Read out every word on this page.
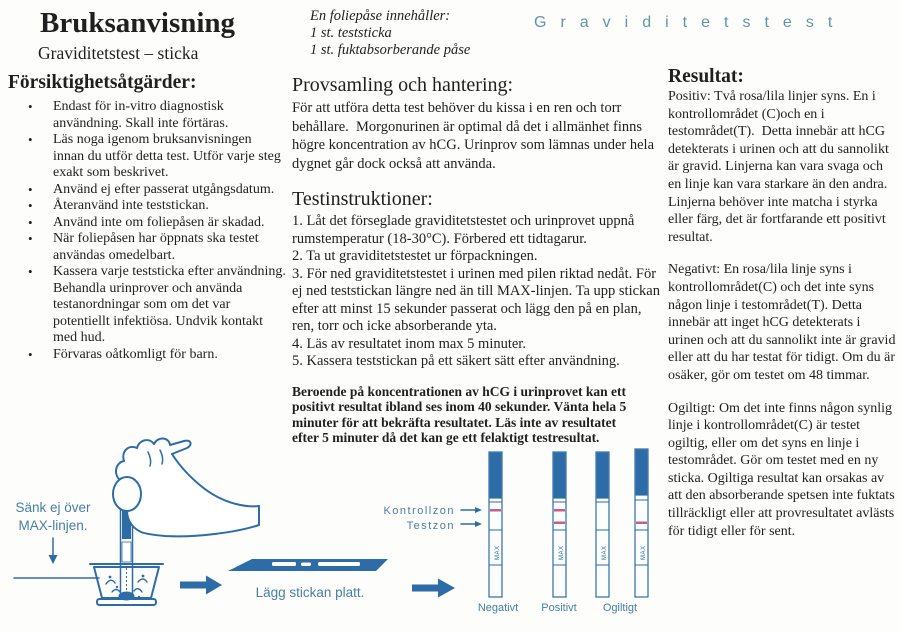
Graviditetstest
Bruksanvisning
Graviditetstest – sticka
Försiktighetsåtgärder:
•	Endast för in-vitro diagnostisk användning. Skall inte förtäras.
•	Läs noga igenom bruksanvisningen innan du utför detta test. Utför varje steg exakt som beskrivet.
•	Använd ej efter passerat utgångsdatum.
•	Återanvänd inte teststickan.
•	Använd inte om foliepåsen är skadad.
•	När foliepåsen har öppnats ska testet användas omedelbart.
•	Kassera varje teststicka efter användning. Behandla urinprover och använda testanordningar som om det var potentiellt infektiösa. Undvik kontakt med hud.
•	Förvaras oåtkomligt för barn.
En foliepåse innehåller:
1 st. teststicka
1 st. fuktabsorberande påse
Provsamling och hantering:

För att utföra detta test behöver du kissa i en ren och torr behållare.  Morgonurinen är optimal då det i allmänhet finns högre koncentration av hCG. Urinprov som lämnas under hela dygnet går dock också att använda.

Testinstruktioner:
1. Låt det förseglade graviditetstestet och urinprovet uppnå rumstemperatur (18-30°C). Förbered ett tidtagarur.
2. Ta ut graviditetstestet ur förpackningen.
3. För ned graviditetstestet i urinen med pilen riktad nedåt. För ej ned teststickan längre ned än till MAX-linjen. Ta upp stickan efter att minst 15 sekunder passerat och lägg den på en plan, ren, torr och icke absorberande yta.
4. Läs av resultatet inom max 5 minuter.
5. Kassera teststickan på ett säkert sätt efter användning.

Beroende på koncentrationen av hCG i urinprovet kan ett positivt resultat ibland ses inom 40 sekunder. Vänta hela 5 minuter för att bekräfta resultatet. Läs inte av resultatet efter 5 minuter då det kan ge ett felaktigt testresultat.

Resultat:

Positiv: Två rosa/lila linjer syns. En i kontrollområdet (C)och en i testområdet(T).  Detta innebär att hCG detekterats i urinen och att du sannolikt är gravid. Linjerna kan vara svaga och en linje kan vara starkare än den andra. Linjerna behöver inte matcha i styrka eller färg, det är fortfarande ett positivt resultat.

Negativt: En rosa/lila linje syns i kontrollområdet(C) och det inte syns någon linje i testområdet(T). Detta innebär att inget hCG detekterats i urinen och att du sannolikt inte är gravid eller att du har testat för tidigt. Om du är osäker, gör om testet om 48 timmar.

Ogiltigt: Om det inte finns någon synlig linje i kontrollområdet(C) är testet ogiltig, eller om det syns en linje i testområdet. Gör om testet med en ny sticka. Ogiltiga resultat kan orsakas av att den absorberande spetsen inte fuktats tillräckligt eller att provresultatet avlästs för tidigt eller för sent.

Sänk ej över
MAX-linjen.
Lägg stickan platt.
Kontrollzon
Testzon
MAX	MAX	MAX	MAX
Negativt Positivt Ogiltigt
